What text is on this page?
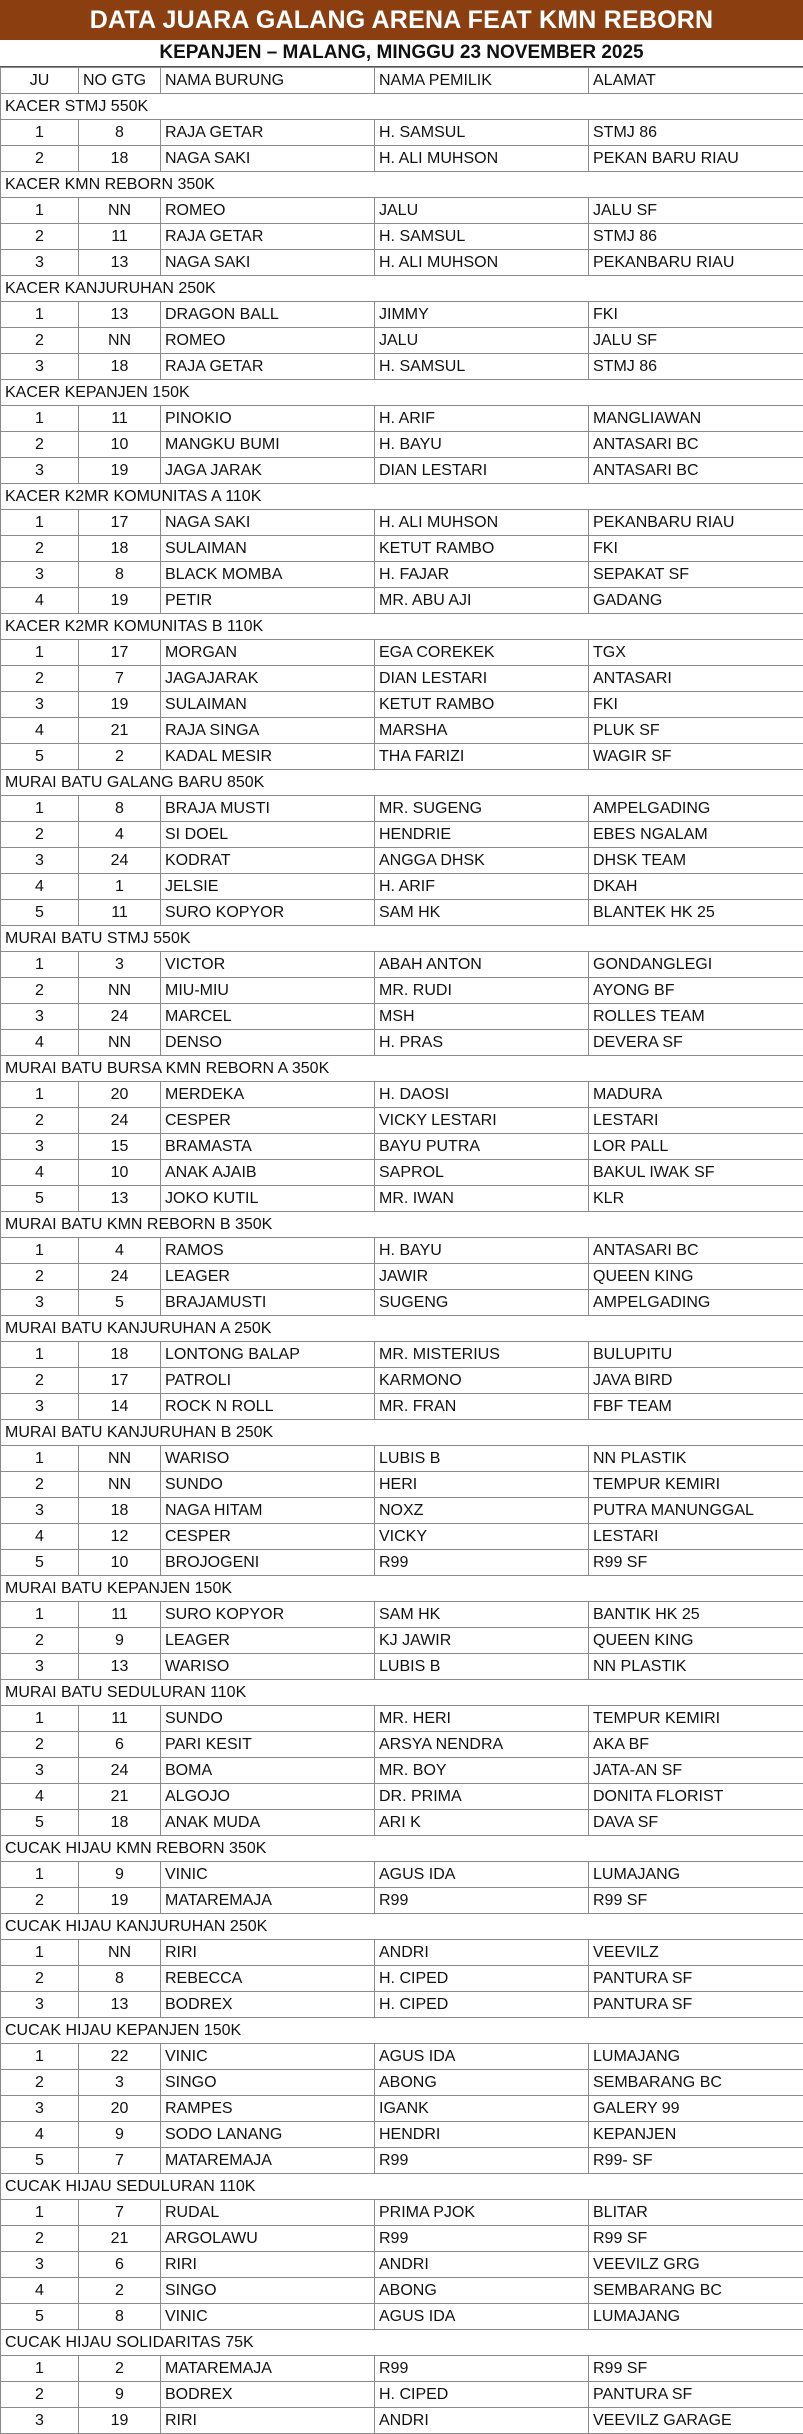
DATA JUARA GALANG ARENA FEAT KMN REBORN
KEPANJEN – MALANG, MINGGU 23 NOVEMBER 2025
JU	NO GTG	NAMA BURUNG	NAMA PEMILIK	ALAMAT
KACER STMJ 550K				
1	8	RAJA GETAR	H. SAMSUL	STMJ 86
2	18	NAGA SAKI	H. ALI MUHSON	PEKAN BARU RIAU
KACER KMN REBORN 350K				
1	NN	ROMEO	JALU	JALU SF
2	11	RAJA GETAR	H. SAMSUL	STMJ 86
3	13	NAGA SAKI	H. ALI MUHSON	PEKANBARU RIAU
KACER KANJURUHAN 250K				
1	13	DRAGON BALL	JIMMY	FKI
2	NN	ROMEO	JALU	JALU SF
3	18	RAJA GETAR	H. SAMSUL	STMJ 86
KACER KEPANJEN 150K				
1	11	PINOKIO	H. ARIF	MANGLIAWAN
2	10	MANGKU BUMI	H. BAYU	ANTASARI BC
3	19	JAGA JARAK	DIAN LESTARI	ANTASARI BC
KACER K2MR KOMUNITAS A 110K				
1	17	NAGA SAKI	H. ALI MUHSON	PEKANBARU RIAU
2	18	SULAIMAN	KETUT RAMBO	FKI
3	8	BLACK MOMBA	H. FAJAR	SEPAKAT SF
4	19	PETIR	MR. ABU AJI	GADANG
KACER K2MR KOMUNITAS B 110K				
1	17	MORGAN	EGA COREKEK	TGX
2	7	JAGAJARAK	DIAN LESTARI	ANTASARI
3	19	SULAIMAN	KETUT RAMBO	FKI
4	21	RAJA SINGA	MARSHA	PLUK SF
5	2	KADAL MESIR	THA FARIZI	WAGIR SF
MURAI BATU GALANG BARU 850K				
1	8	BRAJA MUSTI	MR. SUGENG	AMPELGADING
2	4	SI DOEL	HENDRIE	EBES NGALAM
3	24	KODRAT	ANGGA DHSK	DHSK TEAM
4	1	JELSIE	H. ARIF	DKAH
5	11	SURO KOPYOR	SAM HK	BLANTEK HK 25
MURAI BATU STMJ 550K				
1	3	VICTOR	ABAH ANTON	GONDANGLEGI
2	NN	MIU-MIU	MR. RUDI	AYONG BF
3	24	MARCEL	MSH	ROLLES TEAM
4	NN	DENSO	H. PRAS	DEVERA SF
MURAI BATU BURSA KMN REBORN A 350K				
1	20	MERDEKA	H. DAOSI	MADURA
2	24	CESPER	VICKY LESTARI	LESTARI
3	15	BRAMASTA	BAYU PUTRA	LOR PALL
4	10	ANAK AJAIB	SAPROL	BAKUL IWAK SF
5	13	JOKO KUTIL	MR. IWAN	KLR
MURAI BATU KMN REBORN B 350K				
1	4	RAMOS	H. BAYU	ANTASARI BC
2	24	LEAGER	JAWIR	QUEEN KING
3	5	BRAJAMUSTI	SUGENG	AMPELGADING
MURAI BATU KANJURUHAN A 250K				
1	18	LONTONG BALAP	MR. MISTERIUS	BULUPITU
2	17	PATROLI	KARMONO	JAVA BIRD
3	14	ROCK N ROLL	MR. FRAN	FBF TEAM
MURAI BATU KANJURUHAN B 250K				
1	NN	WARISO	LUBIS B	NN PLASTIK
2	NN	SUNDO	HERI	TEMPUR KEMIRI
3	18	NAGA HITAM	NOXZ	PUTRA MANUNGGAL
4	12	CESPER	VICKY	LESTARI
5	10	BROJOGENI	R99	R99 SF
MURAI BATU KEPANJEN 150K				
1	11	SURO KOPYOR	SAM HK	BANTIK HK 25
2	9	LEAGER	KJ JAWIR	QUEEN KING
3	13	WARISO	LUBIS B	NN PLASTIK
MURAI BATU SEDULURAN 110K				
1	11	SUNDO	MR. HERI	TEMPUR KEMIRI
2	6	PARI KESIT	ARSYA NENDRA	AKA BF
3	24	BOMA	MR. BOY	JATA-AN SF
4	21	ALGOJO	DR. PRIMA	DONITA FLORIST
5	18	ANAK MUDA	ARI K	DAVA SF
CUCAK HIJAU KMN REBORN 350K				
1	9	VINIC	AGUS IDA	LUMAJANG
2	19	MATAREMAJA	R99	R99 SF
CUCAK HIJAU KANJURUHAN 250K				
1	NN	RIRI	ANDRI	VEEVILZ
2	8	REBECCA	H. CIPED	PANTURA SF
3	13	BODREX	H. CIPED	PANTURA SF
CUCAK HIJAU KEPANJEN 150K				
1	22	VINIC	AGUS IDA	LUMAJANG
2	3	SINGO	ABONG	SEMBARANG BC
3	20	RAMPES	IGANK	GALERY 99
4	9	SODO LANANG	HENDRI	KEPANJEN
5	7	MATAREMAJA	R99	R99- SF
CUCAK HIJAU SEDULURAN 110K				
1	7	RUDAL	PRIMA PJOK	BLITAR
2	21	ARGOLAWU	R99	R99 SF
3	6	RIRI	ANDRI	VEEVILZ GRG
4	2	SINGO	ABONG	SEMBARANG BC
5	8	VINIC	AGUS IDA	LUMAJANG
CUCAK HIJAU SOLIDARITAS 75K				
1	2	MATAREMAJA	R99	R99 SF
2	9	BODREX	H. CIPED	PANTURA SF
3	19	RIRI	ANDRI	VEEVILZ GARAGE
